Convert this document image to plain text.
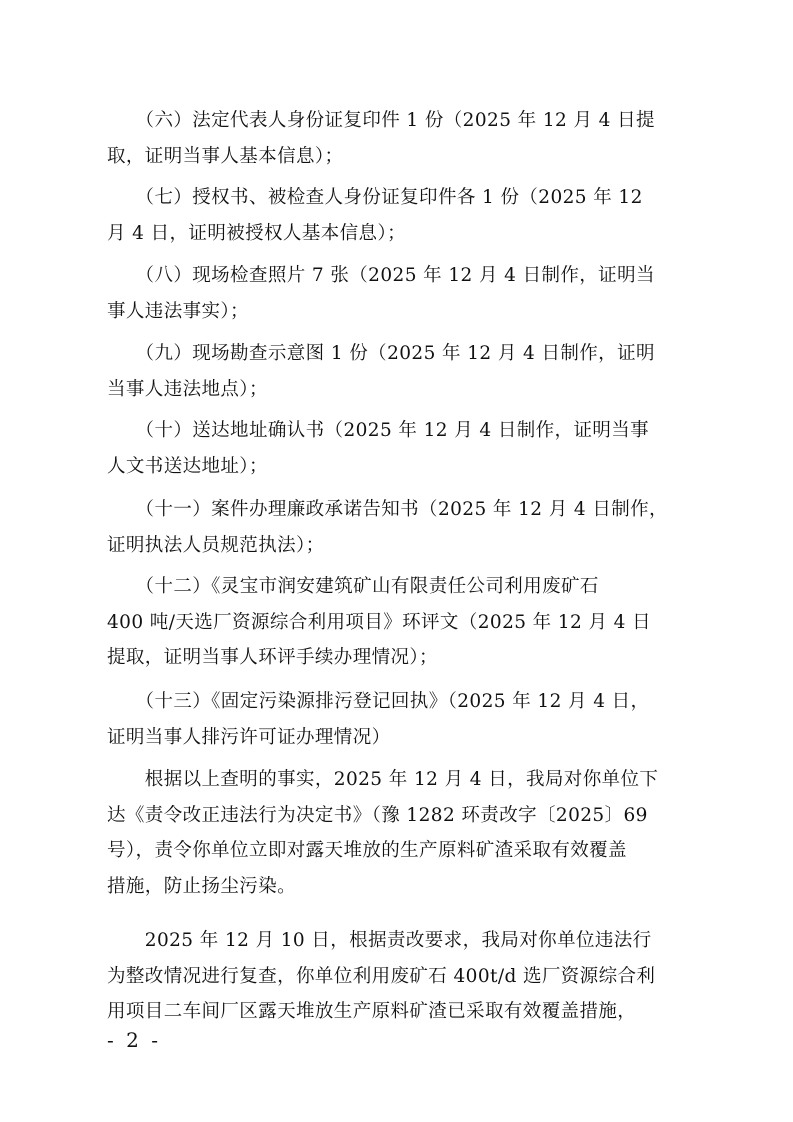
　　（六）法定代表人身份证复印件 1 份（2025 年 12 月 4 日提
取，证明当事人基本信息）；

　　（七）授权书、被检查人身份证复印件各 1 份（2025 年 12
月 4 日，证明被授权人基本信息）；

　　（八）现场检查照片 7 张（2025 年 12 月 4 日制作，证明当
事人违法事实）；

　　（九）现场勘查示意图 1 份（2025 年 12 月 4 日制作，证明
当事人违法地点）；

　　（十）送达地址确认书（2025 年 12 月 4 日制作，证明当事
人文书送达地址）；

　　（十一）案件办理廉政承诺告知书（2025 年 12 月 4 日制作，
证明执法人员规范执法）；

　　（十二）《灵宝市润安建筑矿山有限责任公司利用废矿石
400 吨/天选厂资源综合利用项目》环评文（2025 年 12 月 4 日
提取，证明当事人环评手续办理情况）；

　　（十三）《固定污染源排污登记回执》（2025 年 12 月 4 日，
证明当事人排污许可证办理情况）

　　根据以上查明的事实，2025 年 12 月 4 日，我局对你单位下
达《责令改正违法行为决定书》（豫 1282 环责改字〔2025〕69
号），责令你单位立即对露天堆放的生产原料矿渣采取有效覆盖
措施，防止扬尘污染。

　　2025 年 12 月 10 日，根据责改要求，我局对你单位违法行
为整改情况进行复查，你单位利用废矿石 400t/d 选厂资源综合利
用项目二车间厂区露天堆放生产原料矿渣已采取有效覆盖措施，

- 2 -
